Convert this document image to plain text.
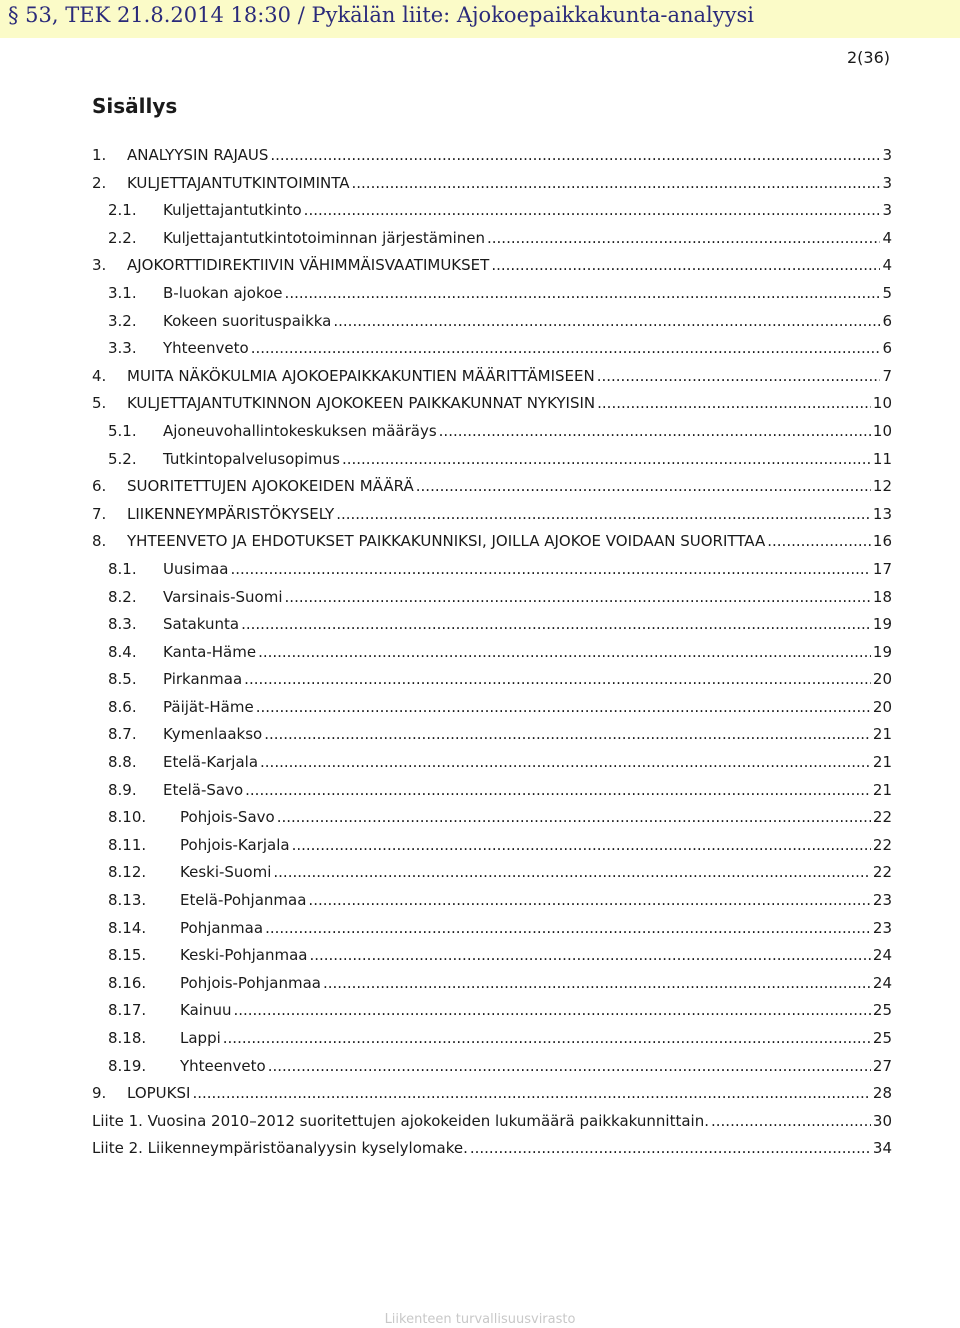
§ 53, TEK 21.8.2014 18:30 / Pykälän liite: Ajokoepaikkakunta-analyysi
2(36)
Sisällys
1.	ANALYYSIN RAJAUS .....	3
2.	KULJETTAJANTUTKINTOIMINTA .....	3
2.1.	Kuljettajantutkinto .....	3
2.2.	Kuljettajantutkintotoiminnan järjestäminen .....	4
3.	AJOKORTTIDIREKTIIVIN VÄHIMMÄISVAATIMUKSET .....	4
3.1.	B-luokan ajokoe .....	5
3.2.	Kokeen suorituspaikka .....	6
3.3.	Yhteenveto .....	6
4.	MUITA NÄKÖKULMIA AJOKOEPAIKKAKUNTIEN MÄÄRITTÄMISEEN .....	7
5.	KULJETTAJANTUTKINNON AJOKOKEEN PAIKKAKUNNAT NYKYISIN .....	10
5.1.	Ajoneuvohallintokeskuksen määräys .....	10
5.2.	Tutkintopalvelusopimus .....	11
6.	SUORITETTUJEN AJOKOKEIDEN MÄÄRÄ .....	12
7.	LIIKENNEYMPÄRISTÖKYSELY .....	13
8.	YHTEENVETO JA EHDOTUKSET PAIKKAKUNNIKSI, JOILLA AJOKOE VOIDAAN SUORITTAA .....	16
8.1.	Uusimaa .....	17
8.2.	Varsinais-Suomi .....	18
8.3.	Satakunta .....	19
8.4.	Kanta-Häme .....	19
8.5.	Pirkanmaa .....	20
8.6.	Päijät-Häme .....	20
8.7.	Kymenlaakso .....	21
8.8.	Etelä-Karjala .....	21
8.9.	Etelä-Savo .....	21
8.10.	Pohjois-Savo .....	22
8.11.	Pohjois-Karjala .....	22
8.12.	Keski-Suomi .....	22
8.13.	Etelä-Pohjanmaa .....	23
8.14.	Pohjanmaa .....	23
8.15.	Keski-Pohjanmaa .....	24
8.16.	Pohjois-Pohjanmaa .....	24
8.17.	Kainuu .....	25
8.18.	Lappi .....	25
8.19.	Yhteenveto .....	27
9.	LOPUKSI .....	28
Liite 1. Vuosina 2010–2012 suoritettujen ajokokeiden lukumäärä paikkakunnittain. .....	30
Liite 2. Liikenneympäristöanalyysin kyselylomake. .....	34
Liikenteen turvallisuusvirasto
